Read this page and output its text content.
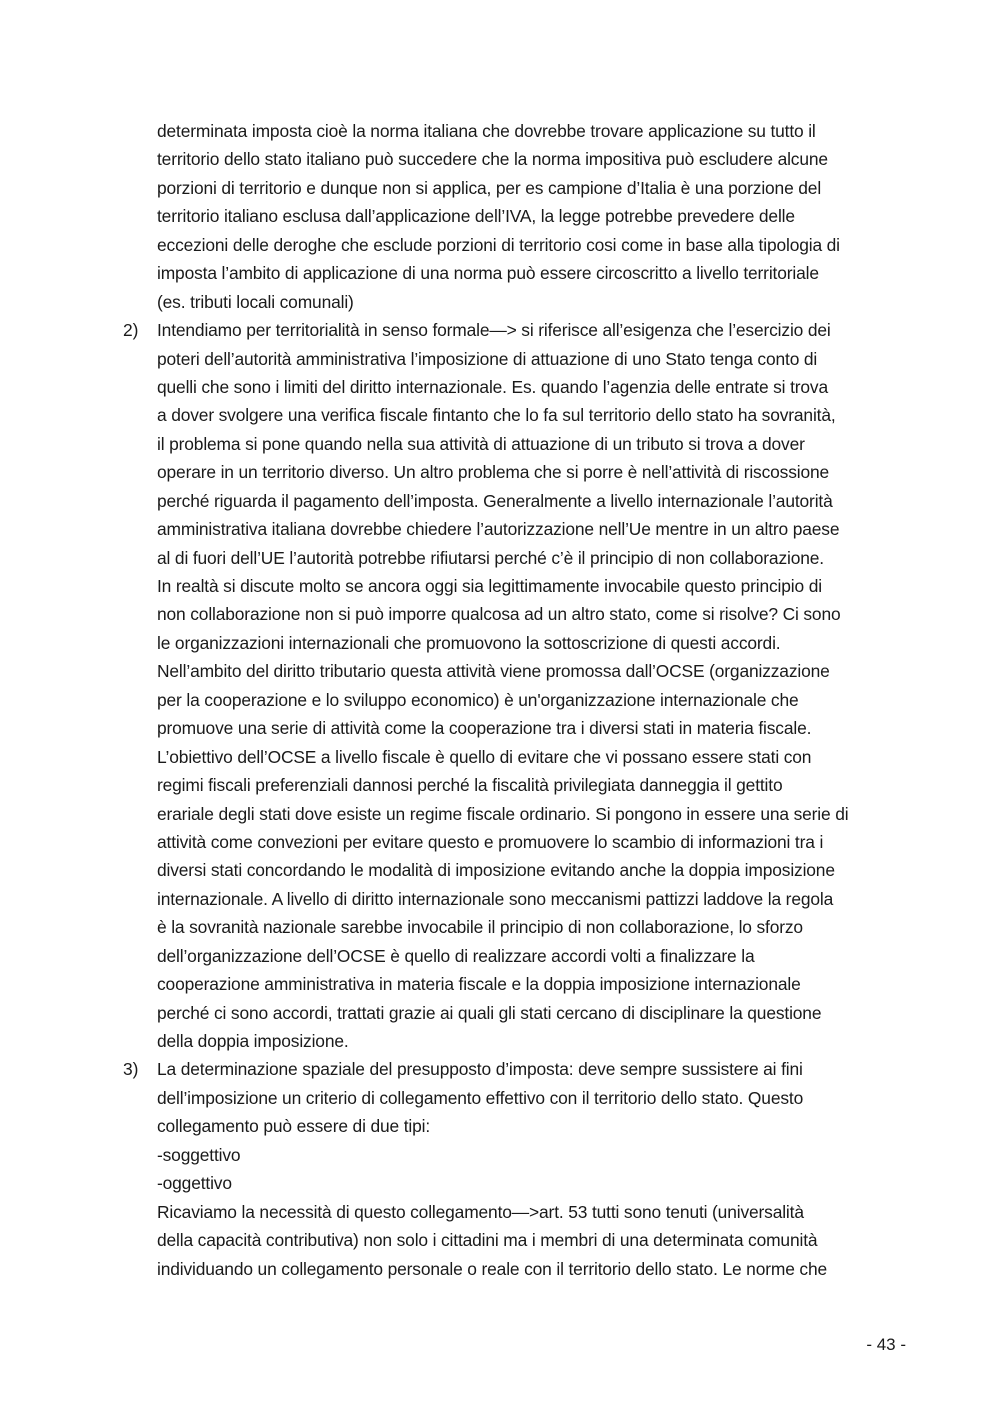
determinata imposta cioè la norma italiana che dovrebbe trovare applicazione su tutto il
territorio dello stato italiano può succedere che la norma impositiva può escludere alcune
porzioni di territorio e dunque non si applica, per es campione d’Italia è una porzione del
territorio italiano esclusa dall’applicazione dell’IVA, la legge potrebbe prevedere delle
eccezioni delle deroghe che esclude porzioni di territorio cosi come in base alla tipologia di
imposta l’ambito di applicazione di una norma può essere circoscritto a livello territoriale
(es. tributi locali comunali)
2) Intendiamo per territorialità in senso formale—> si riferisce all’esigenza che l’esercizio dei
poteri dell’autorità amministrativa l’imposizione di attuazione di uno Stato tenga conto di
quelli che sono i limiti del diritto internazionale. Es. quando l’agenzia delle entrate si trova
a dover svolgere una verifica fiscale fintanto che lo fa sul territorio dello stato ha sovranità,
il problema si pone quando nella sua attività di attuazione di un tributo si trova a dover
operare in un territorio diverso. Un altro problema che si porre è nell’attività di riscossione
perché riguarda il pagamento dell’imposta. Generalmente a livello internazionale l’autorità
amministrativa italiana dovrebbe chiedere l’autorizzazione nell’Ue mentre in un altro paese
al di fuori dell’UE l’autorità potrebbe rifiutarsi perché c’è il principio di non collaborazione.
In realtà si discute molto se ancora oggi sia legittimamente invocabile questo principio di
non collaborazione non si può imporre qualcosa ad un altro stato, come si risolve? Ci sono
le organizzazioni internazionali che promuovono la sottoscrizione di questi accordi.
Nell’ambito del diritto tributario questa attività viene promossa dall’OCSE (organizzazione
per la cooperazione e lo sviluppo economico) è un'organizzazione internazionale che
promuove una serie di attività come la cooperazione tra i diversi stati in materia fiscale.
L’obiettivo dell’OCSE a livello fiscale è quello di evitare che vi possano essere stati con
regimi fiscali preferenziali dannosi perché la fiscalità privilegiata danneggia il gettito
erariale degli stati dove esiste un regime fiscale ordinario. Si pongono in essere una serie di
attività come convezioni per evitare questo e promuovere lo scambio di informazioni tra i
diversi stati concordando le modalità di imposizione evitando anche la doppia imposizione
internazionale. A livello di diritto internazionale sono meccanismi pattizzi laddove la regola
è la sovranità nazionale sarebbe invocabile il principio di non collaborazione, lo sforzo
dell’organizzazione dell’OCSE è quello di realizzare accordi volti a finalizzare la
cooperazione amministrativa in materia fiscale e la doppia imposizione internazionale
perché ci sono accordi, trattati grazie ai quali gli stati cercano di disciplinare la questione
della doppia imposizione.
3) La determinazione spaziale del presupposto d’imposta: deve sempre sussistere ai fini
dell’imposizione un criterio di collegamento effettivo con il territorio dello stato. Questo
collegamento può essere di due tipi:
-soggettivo
-oggettivo
Ricaviamo la necessità di questo collegamento—>art. 53 tutti sono tenuti (universalità
della capacità contributiva) non solo i cittadini ma i membri di una determinata comunità
individuando un collegamento personale o reale con il territorio dello stato. Le norme che
- 43 -
